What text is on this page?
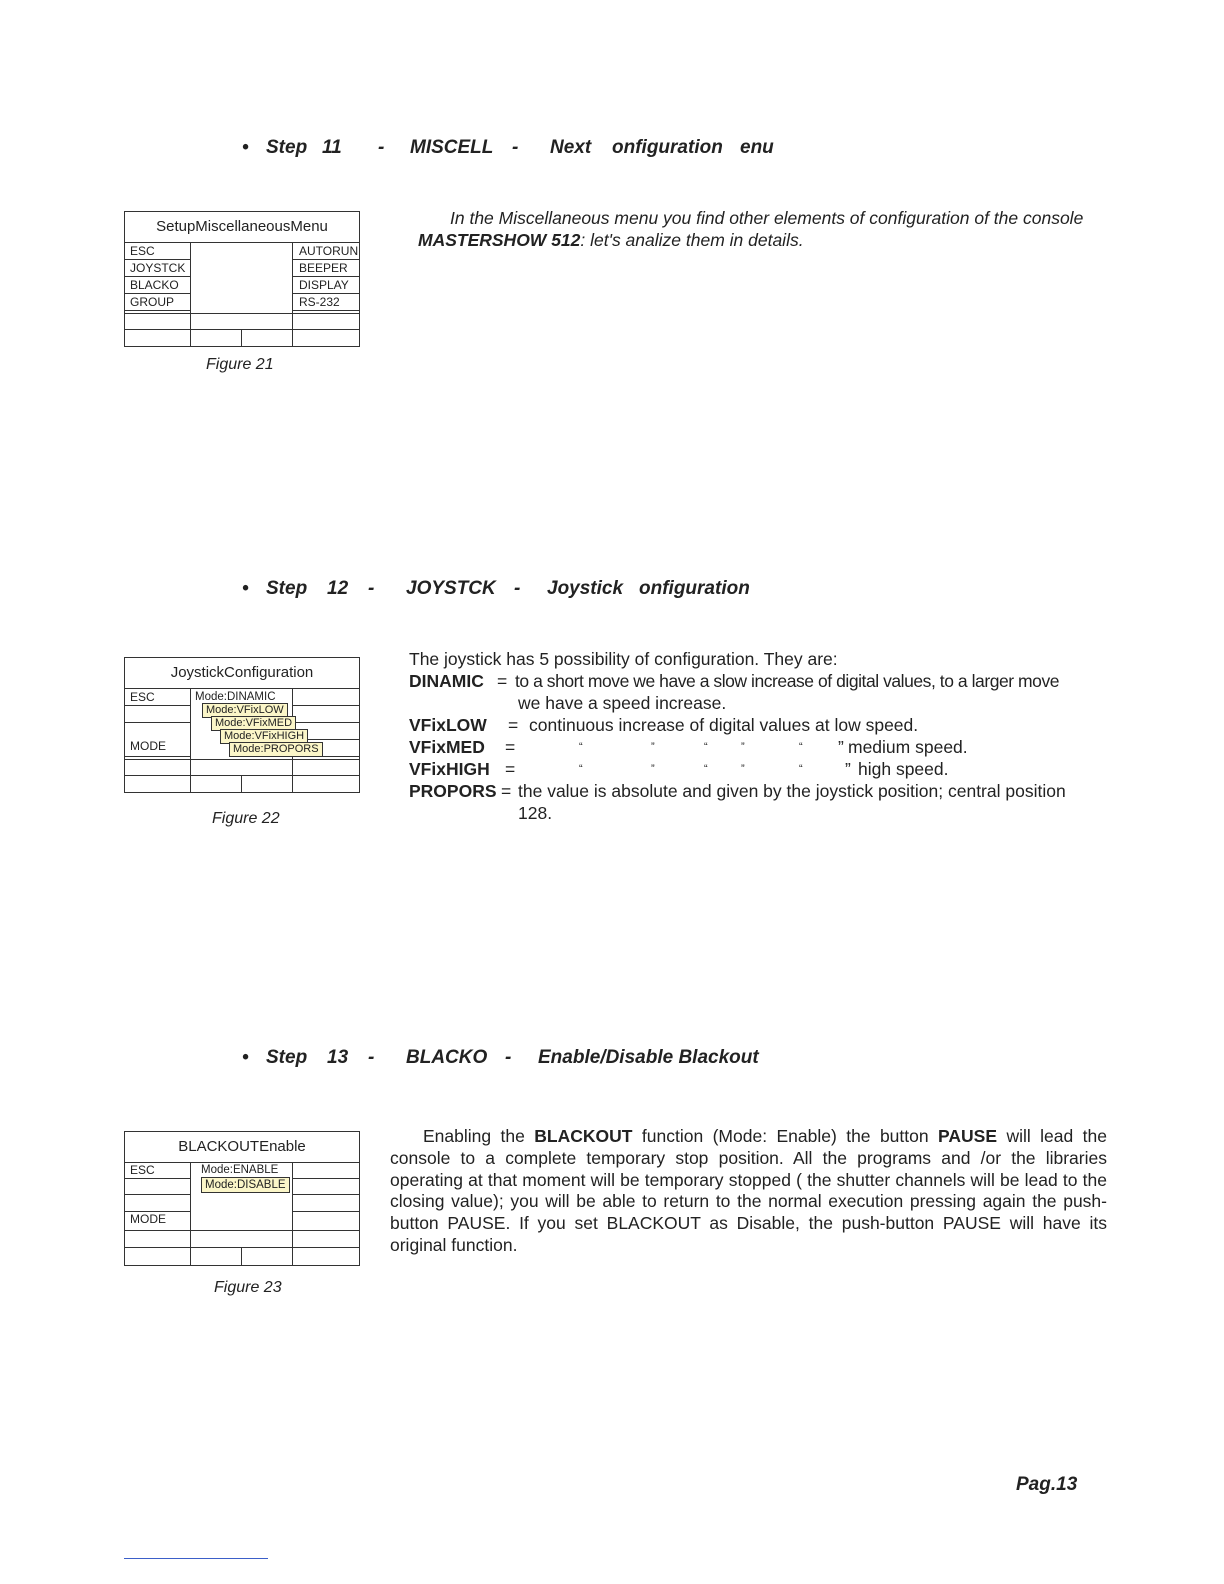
• Step 11 - MISCELL - Next onfiguration enu
SetupMiscellaneousMenu
ESC
JOYSTCK
BLACKO
GROUP
AUTORUN
BEEPER
DISPLAY
RS-232
Figure 21
In the Miscellaneous menu you find other elements of configuration of the console
MASTERSHOW 512: let's analize them in details.
• Step 12 - JOYSTCK - Joystick onfiguration
JoystickConfiguration
ESC
MODE
Mode:DINAMIC
Mode:VFixLOW
Mode:VFixMED
Mode:VFixHIGH
Mode:PROPORS
Figure 22
The joystick has 5 possibility of configuration. They are:
DINAMIC = to a short move we have a slow increase of digital values, to a larger move
we have a speed increase.
VFixLOW = continuous increase of digital values at low speed.
VFixMED =	“	”	“	”	“ ” medium speed.
VFixHIGH =	“	”	“	”	“ ” high speed.
PROPORS = the value is absolute and given by the joystick position; central position
128.
• Step 13 - BLACKO - Enable/Disable Blackout
BLACKOUTEnable
ESC
MODE
Mode:ENABLE
Mode:DISABLE
Figure 23
Enabling the BLACKOUT function (Mode: Enable) the button PAUSE will lead the console to a complete temporary stop position. All the programs and /or the libraries operating at that moment will be temporary stopped ( the shutter channels will be lead to the closing value); you will be able to return to the normal execution pressing again the push-button PAUSE. If you set BLACKOUT as Disable, the push-button PAUSE will have its original function.
Pag.13
